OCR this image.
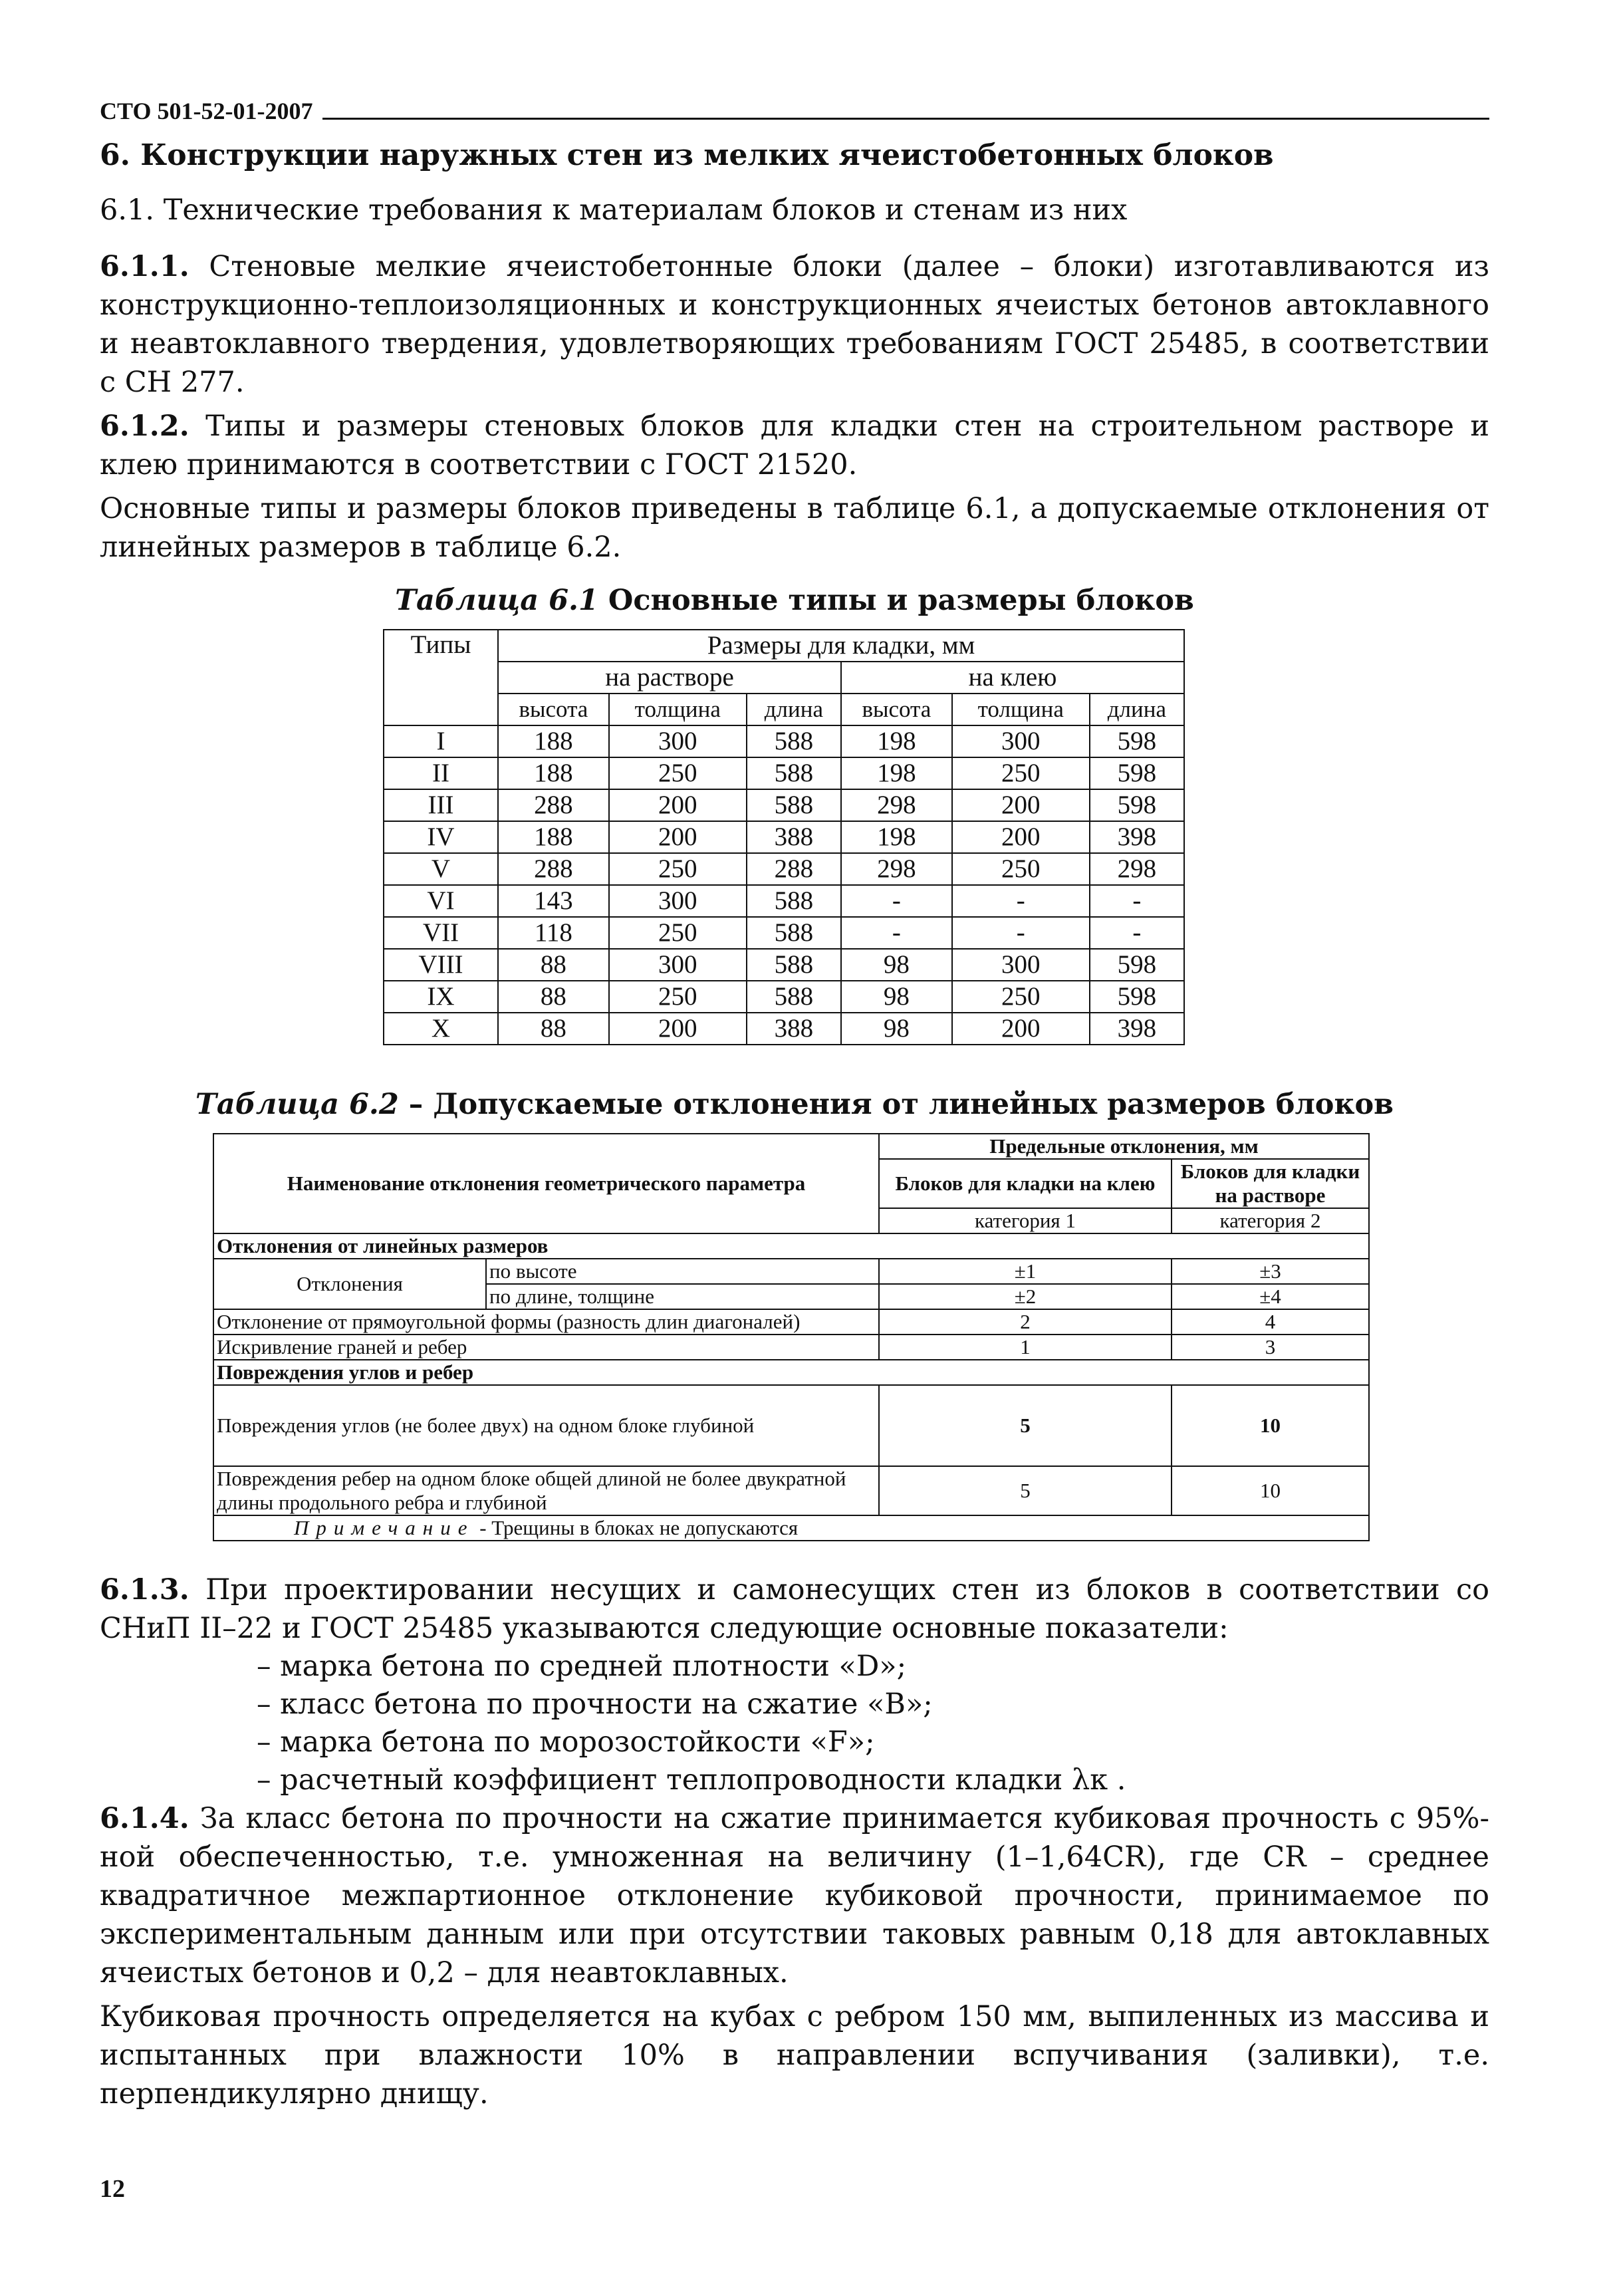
СТО 501-52-01-2007

6. Конструкции наружных стен из мелких ячеистобетонных блоков

6.1. Технические требования к материалам блоков и стенам из них

6.1.1. Стеновые мелкие ячеистобетонные блоки (далее – блоки) изготавливаются из конструкционно-теплоизоляционных и конструкционных ячеистых бетонов автоклавного и неавтоклавного твердения, удовлетворяющих требованиям ГОСТ 25485, в соответствии с СН 277.

6.1.2. Типы и размеры стеновых блоков для кладки стен на строительном растворе и клею принимаются в соответствии с ГОСТ 21520.

Основные типы и размеры блоков приведены в таблице 6.1, а допускаемые отклонения от линейных размеров в таблице 6.2.

Таблица 6.1 Основные типы и размеры блоков
Типы	Размеры для кладки, мм					
	на растворе			на клею		
	высота	толщина	длина	высота	толщина	длина
I	188	300	588	198	300	598
II	188	250	588	198	250	598
III	288	200	588	298	200	598
IV	188	200	388	198	200	398
V	288	250	288	298	250	298
VI	143	300	588	-	-	-
VII	118	250	588	-	-	-
VIII	88	300	588	98	300	598
IX	88	250	588	98	250	598
X	88	200	388	98	200	398
Таблица 6.2 – Допускаемые отклонения от линейных размеров блоков
Наименование отклонения геометрического параметра		Предельные отклонения, мм	
		Блоков для кладки на клею	Блоков для кладки на растворе
		категория 1	категория 2
Отклонения от линейных размеров			
Отклонения	по высоте	±1	±3
	по длине, толщине	±2	±4
Отклонение от прямоугольной формы (разность длин диагоналей)		2	4
Искривление граней и ребер		1	3
Повреждения углов и ребер			
Повреждения углов (не более двух) на одном блоке глубиной		5	10
Повреждения ребер на одном блоке общей длиной не более двукратной длины продольного ребра и глубиной		5	10
Примечание - Трещины в блоках не допускаются			

6.1.3. При проектировании несущих и самонесущих стен из блоков в соответствии со СНиП II–22 и ГОСТ 25485 указываются следующие основные показатели:

– марка бетона по средней плотности «D»;
– класс бетона по прочности на сжатие «B»;
– марка бетона по морозостойкости «F»;
– расчетный коэффициент теплопроводности кладки λк .

6.1.4. За класс бетона по прочности на сжатие принимается кубиковая прочность с 95%-ной обеспеченностью, т.е. умноженная на величину (1–1,64CR), где CR – среднее квадратичное межпартионное отклонение кубиковой прочности, принимаемое по экспериментальным данным или при отсутствии таковых равным 0,18 для автоклавных ячеистых бетонов и 0,2 – для неавтоклавных.

Кубиковая прочность определяется на кубах с ребром 150 мм, выпиленных из массива и испытанных при влажности 10% в направлении вспучивания (заливки), т.е. перпендикулярно днищу.

12
